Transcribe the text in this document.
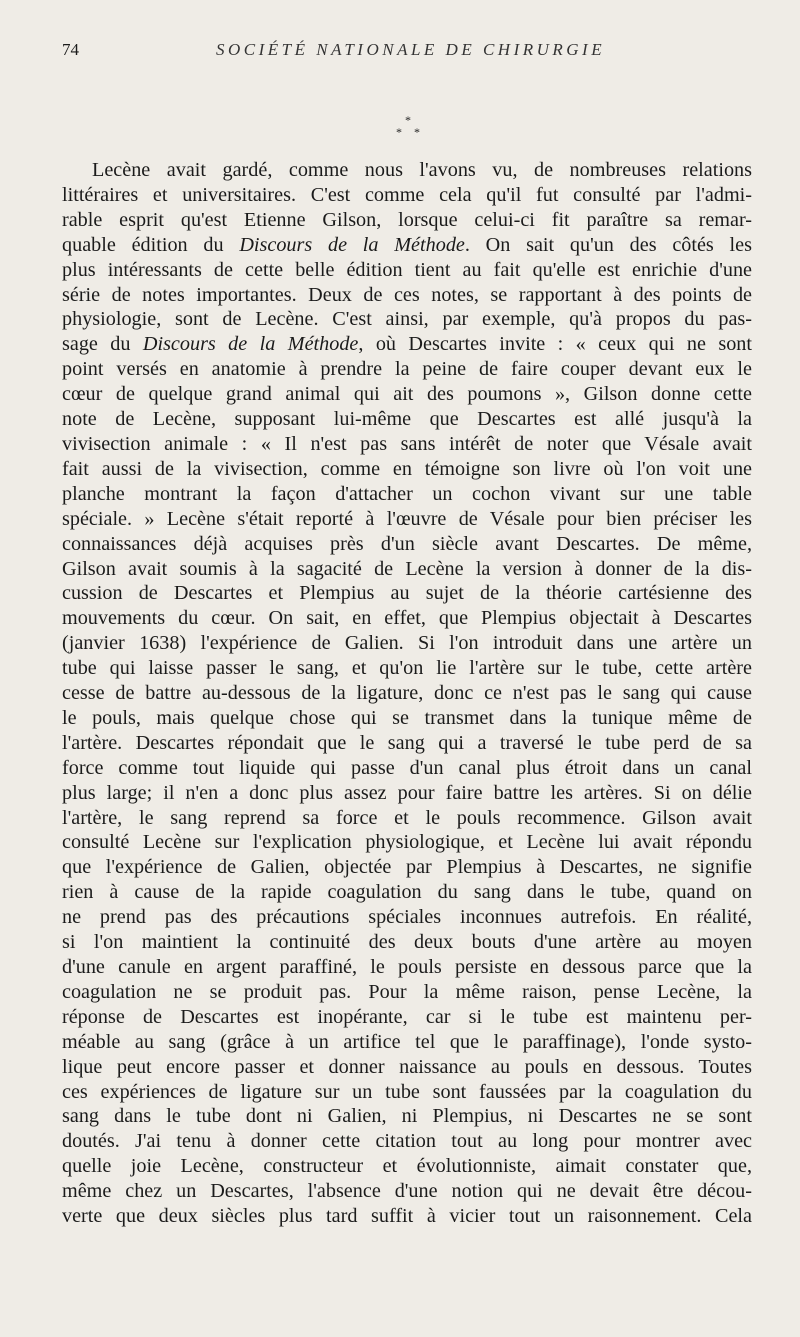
74	SOCIÉTÉ NATIONALE DE CHIRURGIE
*
* *
Lecène avait gardé, comme nous l'avons vu, de nombreuses relations
littéraires et universitaires. C'est comme cela qu'il fut consulté par l'admi-
rable esprit qu'est Etienne Gilson, lorsque celui-ci fit paraître sa remar-
quable édition du Discours de la Méthode. On sait qu'un des côtés les
plus intéressants de cette belle édition tient au fait qu'elle est enrichie d'une
série de notes importantes. Deux de ces notes, se rapportant à des points de
physiologie, sont de Lecène. C'est ainsi, par exemple, qu'à propos du pas-
sage du Discours de la Méthode, où Descartes invite : « ceux qui ne sont
point versés en anatomie à prendre la peine de faire couper devant eux le
cœur de quelque grand animal qui ait des poumons », Gilson donne cette
note de Lecène, supposant lui-même que Descartes est allé jusqu'à la
vivisection animale : « Il n'est pas sans intérêt de noter que Vésale avait
fait aussi de la vivisection, comme en témoigne son livre où l'on voit une
planche montrant la façon d'attacher un cochon vivant sur une table
spéciale. » Lecène s'était reporté à l'œuvre de Vésale pour bien préciser les
connaissances déjà acquises près d'un siècle avant Descartes. De même,
Gilson avait soumis à la sagacité de Lecène la version à donner de la dis-
cussion de Descartes et Plempius au sujet de la théorie cartésienne des
mouvements du cœur. On sait, en effet, que Plempius objectait à Descartes
(janvier 1638) l'expérience de Galien. Si l'on introduit dans une artère un
tube qui laisse passer le sang, et qu'on lie l'artère sur le tube, cette artère
cesse de battre au-dessous de la ligature, donc ce n'est pas le sang qui cause
le pouls, mais quelque chose qui se transmet dans la tunique même de
l'artère. Descartes répondait que le sang qui a traversé le tube perd de sa
force comme tout liquide qui passe d'un canal plus étroit dans un canal
plus large; il n'en a donc plus assez pour faire battre les artères. Si on délie
l'artère, le sang reprend sa force et le pouls recommence. Gilson avait
consulté Lecène sur l'explication physiologique, et Lecène lui avait répondu
que l'expérience de Galien, objectée par Plempius à Descartes, ne signifie
rien à cause de la rapide coagulation du sang dans le tube, quand on
ne prend pas des précautions spéciales inconnues autrefois. En réalité,
si l'on maintient la continuité des deux bouts d'une artère au moyen
d'une canule en argent paraffiné, le pouls persiste en dessous parce que la
coagulation ne se produit pas. Pour la même raison, pense Lecène, la
réponse de Descartes est inopérante, car si le tube est maintenu per-
méable au sang (grâce à un artifice tel que le paraffinage), l'onde systo-
lique peut encore passer et donner naissance au pouls en dessous. Toutes
ces expériences de ligature sur un tube sont faussées par la coagulation du
sang dans le tube dont ni Galien, ni Plempius, ni Descartes ne se sont
doutés. J'ai tenu à donner cette citation tout au long pour montrer avec
quelle joie Lecène, constructeur et évolutionniste, aimait constater que,
même chez un Descartes, l'absence d'une notion qui ne devait être décou-
verte que deux siècles plus tard suffit à vicier tout un raisonnement. Cela
